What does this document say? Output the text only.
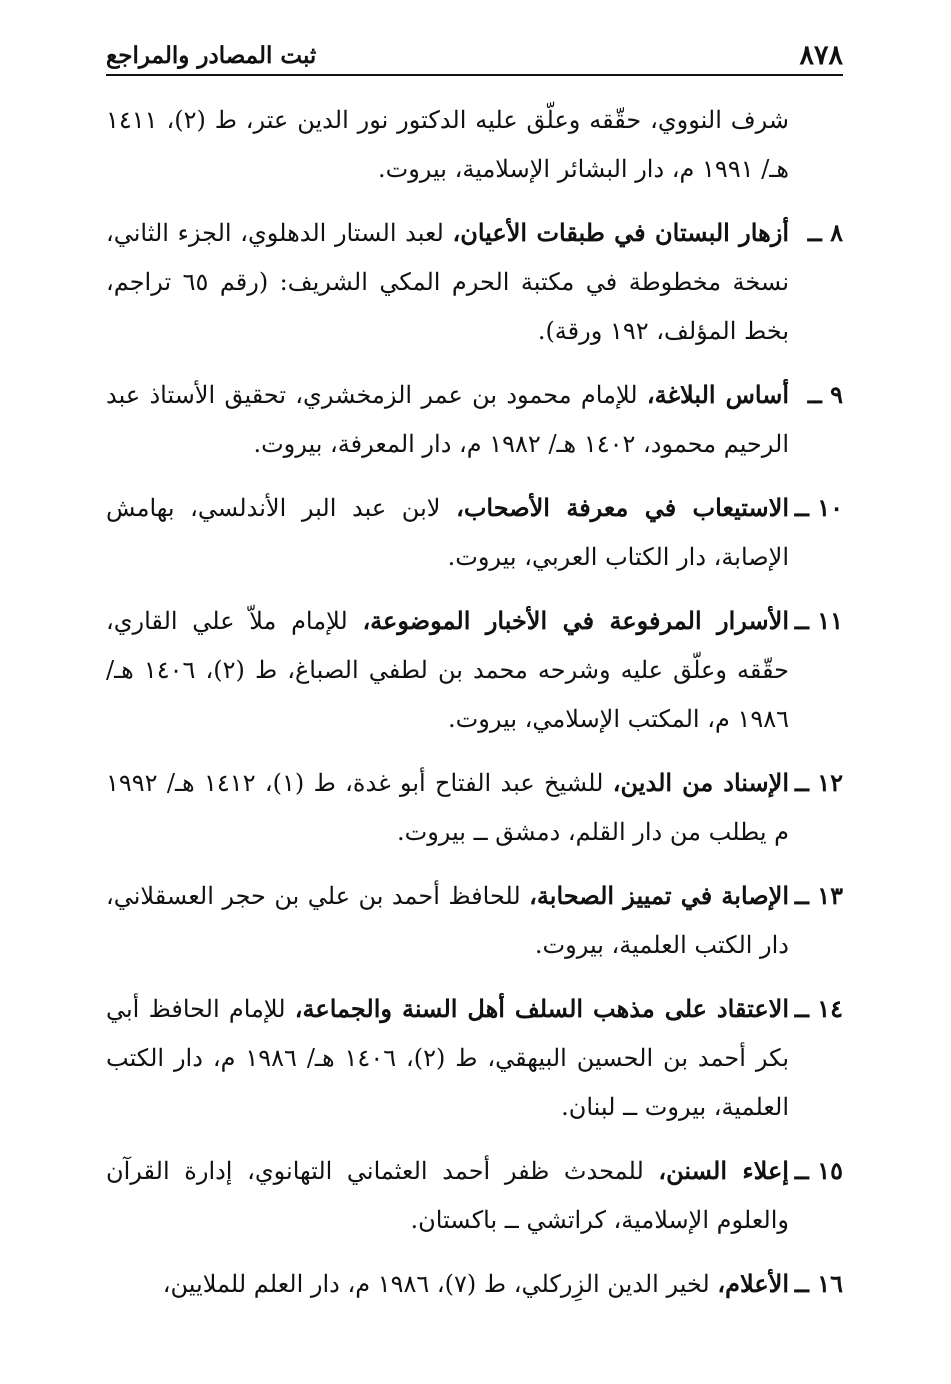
٨٧٨
ثبت المصادر والمراجع
شرف النووي، حقّقه وعلّق عليه الدكتور نور الدين عتر، ط (٢)، ١٤١١ هـ/ ١٩٩١ م، دار البشائر الإسلامية، بيروت.
٨ ــأزهار البستان في طبقات الأعيان، لعبد الستار الدهلوي، الجزء الثاني، نسخة مخطوطة في مكتبة الحرم المكي الشريف: (رقم ٦٥ تراجم، بخط المؤلف، ١٩٢ ورقة).
٩ ــأساس البلاغة، للإمام محمود بن عمر الزمخشري، تحقيق الأستاذ عبد الرحيم محمود، ١٤٠٢ هـ/ ١٩٨٢ م، دار المعرفة، بيروت.
١٠ ــالاستيعاب في معرفة الأصحاب، لابن عبد البر الأندلسي، بهامش الإصابة، دار الكتاب العربي، بيروت.
١١ ــالأسرار المرفوعة في الأخبار الموضوعة، للإمام ملاّ علي القاري، حقّقه وعلّق عليه وشرحه محمد بن لطفي الصباغ، ط (٢)، ١٤٠٦ هـ/ ١٩٨٦ م، المكتب الإسلامي، بيروت.
١٢ ــالإسناد من الدين، للشيخ عبد الفتاح أبو غدة، ط (١)، ١٤١٢ هـ/ ١٩٩٢ م يطلب من دار القلم، دمشق ــ بيروت.
١٣ ــالإصابة في تمييز الصحابة، للحافظ أحمد بن علي بن حجر العسقلاني، دار الكتب العلمية، بيروت.
١٤ ــالاعتقاد على مذهب السلف أهل السنة والجماعة، للإمام الحافظ أبي بكر أحمد بن الحسين البيهقي، ط (٢)، ١٤٠٦ هـ/ ١٩٨٦ م، دار الكتب العلمية، بيروت ــ لبنان.
١٥ ــإعلاء السنن، للمحدث ظفر أحمد العثماني التهانوي، إدارة القرآن والعلوم الإسلامية، كراتشي ــ باكستان.
١٦ ــالأعلام، لخير الدين الزِركلي، ط (٧)، ١٩٨٦ م، دار العلم للملايين،
